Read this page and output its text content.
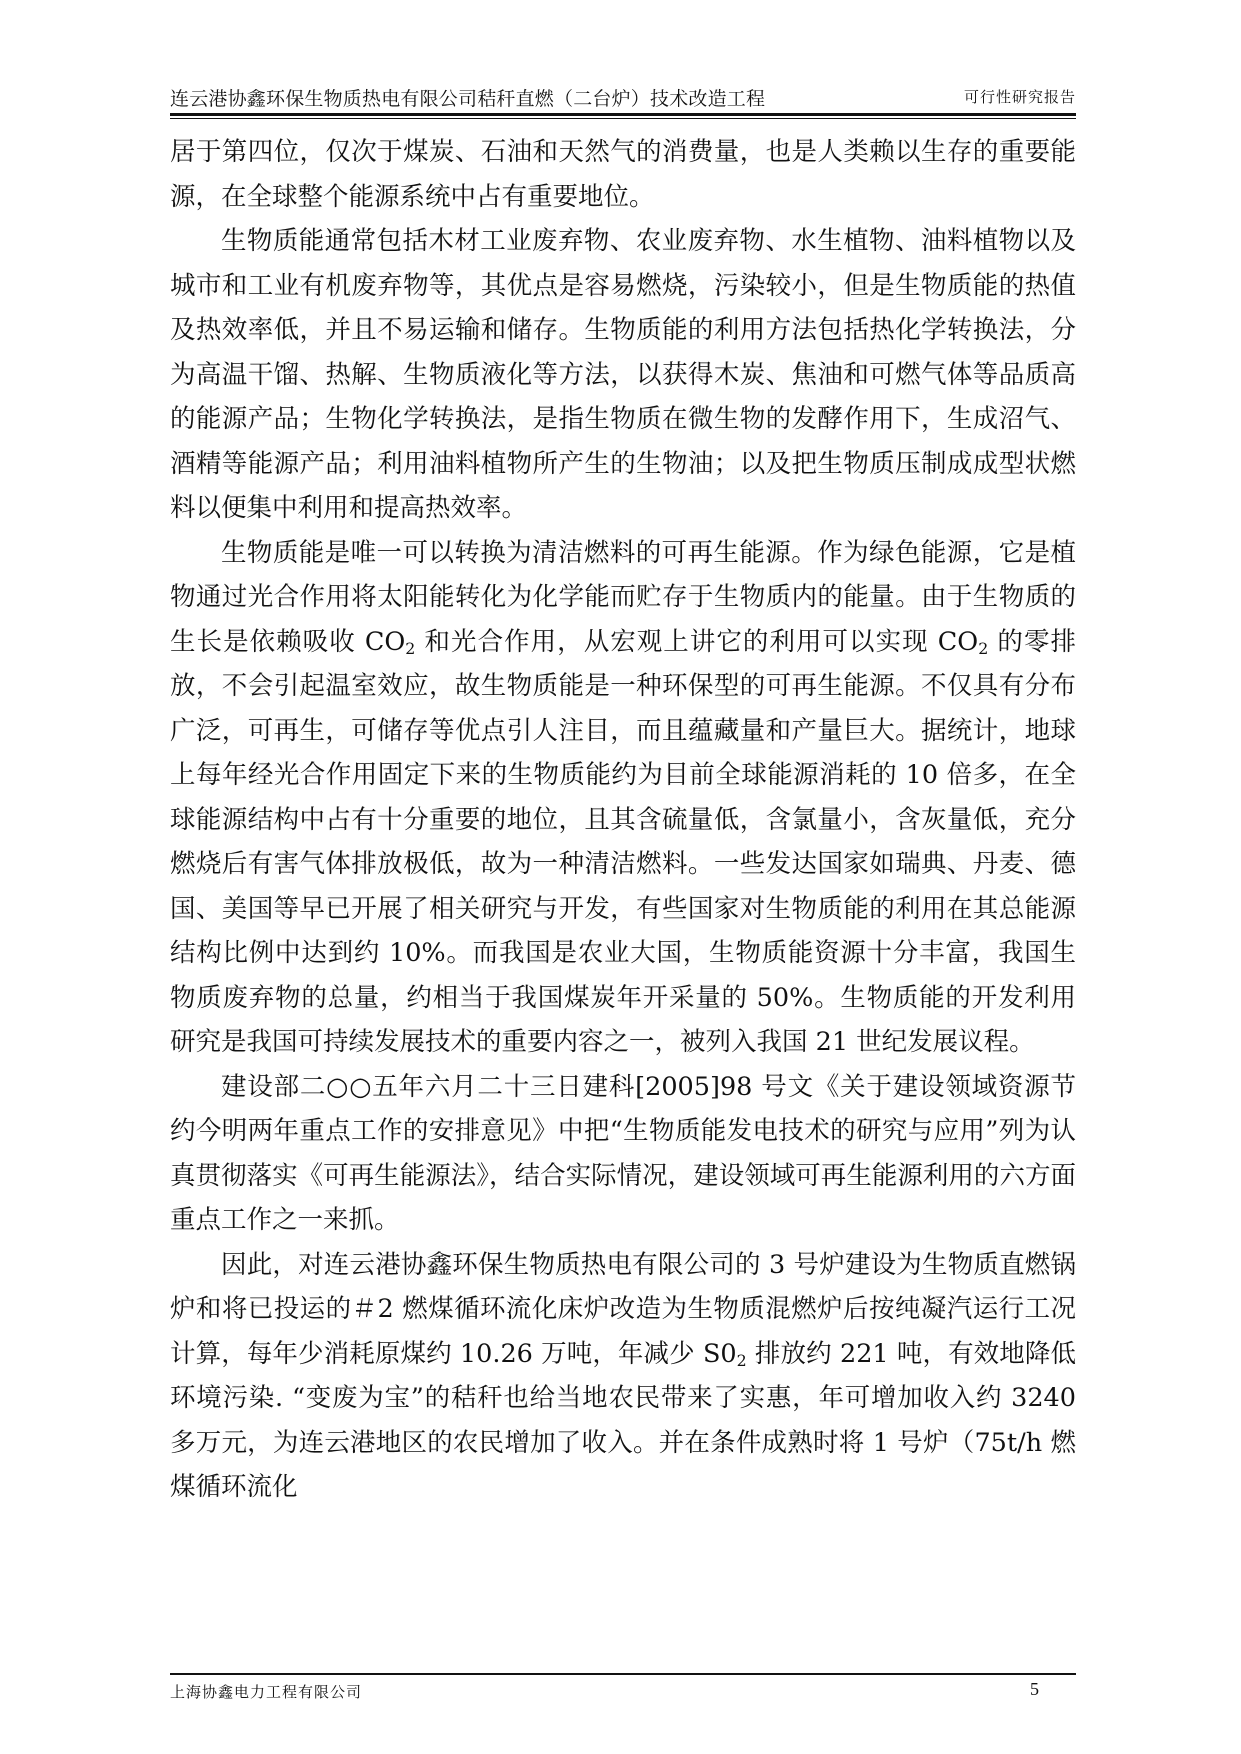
连云港协鑫环保生物质热电有限公司秸秆直燃（二台炉）技术改造工程	可行性研究报告

居于第四位，仅次于煤炭、石油和天然气的消费量，也是人类赖以生存的重要能源，在全球整个能源系统中占有重要地位。

生物质能通常包括木材工业废弃物、农业废弃物、水生植物、油料植物以及城市和工业有机废弃物等，其优点是容易燃烧，污染较小，但是生物质能的热值及热效率低，并且不易运输和储存。生物质能的利用方法包括热化学转换法，分为高温干馏、热解、生物质液化等方法，以获得木炭、焦油和可燃气体等品质高的能源产品；生物化学转换法，是指生物质在微生物的发酵作用下，生成沼气、酒精等能源产品；利用油料植物所产生的生物油；以及把生物质压制成成型状燃料以便集中利用和提高热效率。

生物质能是唯一可以转换为清洁燃料的可再生能源。作为绿色能源，它是植物通过光合作用将太阳能转化为化学能而贮存于生物质内的能量。由于生物质的生长是依赖吸收 $CO_2$ 和光合作用，从宏观上讲它的利用可以实现 $CO_2$ 的零排放，不会引起温室效应，故生物质能是一种环保型的可再生能源。不仅具有分布广泛，可再生，可储存等优点引人注目，而且蕴藏量和产量巨大。据统计，地球上每年经光合作用固定下来的生物质能约为目前全球能源消耗的 10 倍多，在全球能源结构中占有十分重要的地位，且其含硫量低，含氯量小，含灰量低，充分燃烧后有害气体排放极低，故为一种清洁燃料。一些发达国家如瑞典、丹麦、德国、美国等早已开展了相关研究与开发，有些国家对生物质能的利用在其总能源结构比例中达到约 10%。而我国是农业大国，生物质能资源十分丰富，我国生物质废弃物的总量，约相当于我国煤炭年开采量的 50%。生物质能的开发利用研究是我国可持续发展技术的重要内容之一，被列入我国 21 世纪发展议程。

建设部二○○五年六月二十三日建科[2005]98 号文《关于建设领域资源节约今明两年重点工作的安排意见》中把“生物质能发电技术的研究与应用”列为认真贯彻落实《可再生能源法》，结合实际情况，建设领域可再生能源利用的六方面重点工作之一来抓。

因此，对连云港协鑫环保生物质热电有限公司的 3 号炉建设为生物质直燃锅炉和将已投运的＃2 燃煤循环流化床炉改造为生物质混燃炉后按纯凝汽运行工况计算，每年少消耗原煤约 10.26 万吨，年减少 $S0_2$ 排放约 221 吨，有效地降低环境污染. “变废为宝”的秸秆也给当地农民带来了实惠，年可增加收入约 3240 多万元，为连云港地区的农民增加了收入。并在条件成熟时将 1 号炉（75t/h 燃煤循环流化

上海协鑫电力工程有限公司	5
